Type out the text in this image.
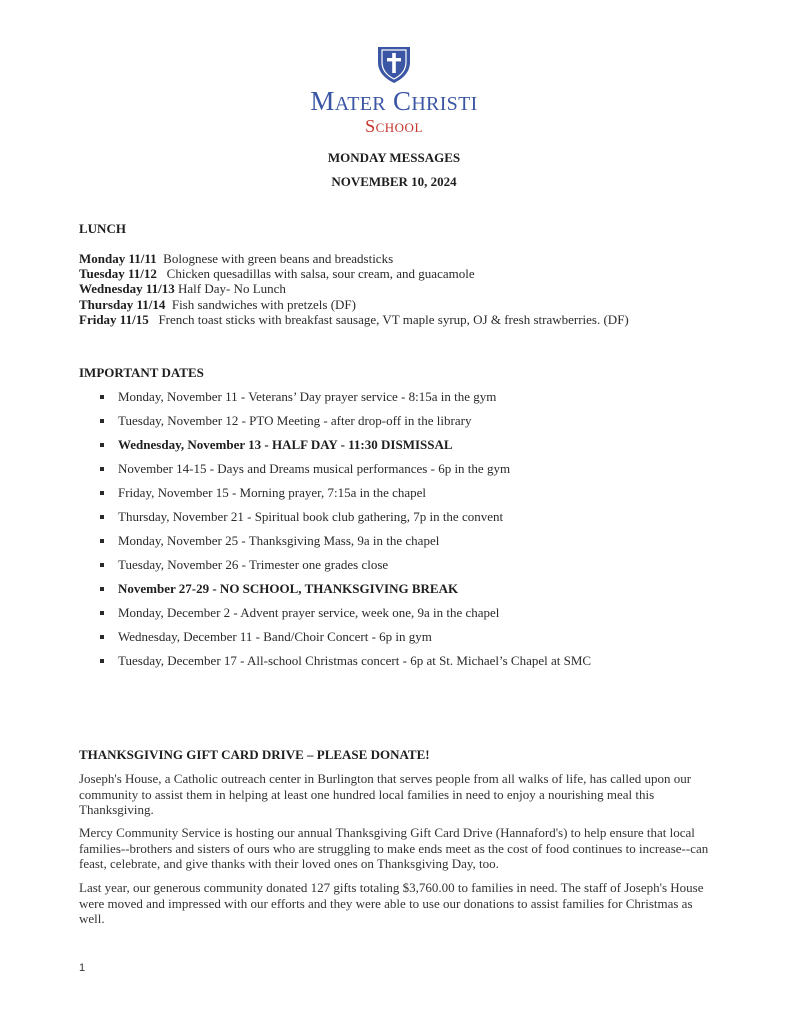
MATER CHRISTI
SCHOOL
MONDAY MESSAGES
NOVEMBER 10, 2024
LUNCH
Monday 11/11 Bolognese with green beans and breadsticks
Tuesday 11/12 Chicken quesadillas with salsa, sour cream, and guacamole
Wednesday 11/13 Half Day- No Lunch
Thursday 11/14 Fish sandwiches with pretzels (DF)
Friday 11/15 French toast sticks with breakfast sausage, VT maple syrup, OJ & fresh strawberries. (DF)
IMPORTANT DATES
Monday, November 11 - Veterans’ Day prayer service - 8:15a in the gym
Tuesday, November 12 - PTO Meeting - after drop-off in the library
Wednesday, November 13 - HALF DAY - 11:30 DISMISSAL
November 14-15 - Days and Dreams musical performances - 6p in the gym
Friday, November 15 - Morning prayer, 7:15a in the chapel
Thursday, November 21 - Spiritual book club gathering, 7p in the convent
Monday, November 25 - Thanksgiving Mass, 9a in the chapel
Tuesday, November 26 - Trimester one grades close
November 27-29 - NO SCHOOL, THANKSGIVING BREAK
Monday, December 2 - Advent prayer service, week one, 9a in the chapel
Wednesday, December 11 - Band/Choir Concert - 6p in gym
Tuesday, December 17 - All-school Christmas concert - 6p at St. Michael’s Chapel at SMC
THANKSGIVING GIFT CARD DRIVE – PLEASE DONATE!
Joseph's House, a Catholic outreach center in Burlington that serves people from all walks of life, has called upon our community to assist them in helping at least one hundred local families in need to enjoy a nourishing meal this Thanksgiving.
Mercy Community Service is hosting our annual Thanksgiving Gift Card Drive (Hannaford's) to help ensure that local families--brothers and sisters of ours who are struggling to make ends meet as the cost of food continues to increase--can feast, celebrate, and give thanks with their loved ones on Thanksgiving Day, too.
Last year, our generous community donated 127 gifts totaling $3,760.00 to families in need. The staff of Joseph's House were moved and impressed with our efforts and they were able to use our donations to assist families for Christmas as well.
1
